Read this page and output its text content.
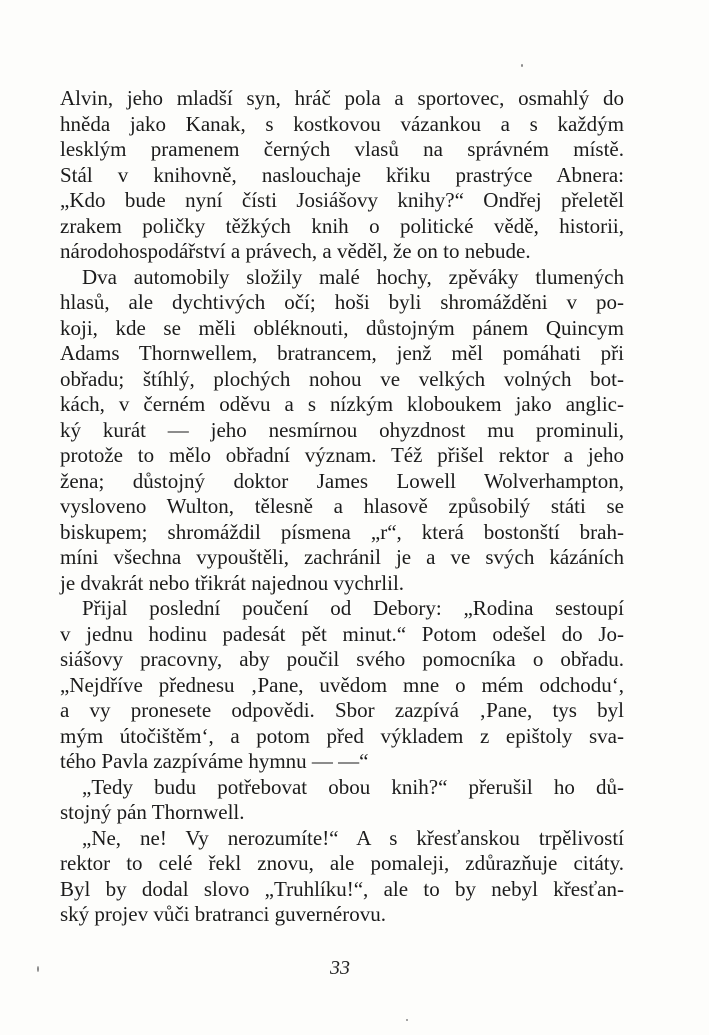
Alvin, jeho mladší syn, hráč pola a sportovec, osmahlý do
hněda jako Kanak, s kostkovou vázankou a s každým
lesklým pramenem černých vlasů na správném místě.
Stál v knihovně, naslouchaje křiku prastrýce Abnera:
„Kdo bude nyní čísti Josiášovy knihy?“ Ondřej přeletěl
zrakem poličky těžkých knih o politické vědě, historii,
národohospodářství a právech, a věděl, že on to nebude.
Dva automobily složily malé hochy, zpěváky tlumených
hlasů, ale dychtivých očí; hoši byli shromážděni v po-
koji, kde se měli obléknouti, důstojným pánem Quincym
Adams Thornwellem, bratrancem, jenž měl pomáhati při
obřadu; štíhlý, plochých nohou ve velkých volných bot-
kách, v černém oděvu a s nízkým kloboukem jako anglic-
ký kurát — jeho nesmírnou ohyzdnost mu prominuli,
protože to mělo obřadní význam. Též přišel rektor a jeho
žena; důstojný doktor James Lowell Wolverhampton,
vysloveno Wulton, tělesně a hlasově způsobilý státi se
biskupem; shromáždil písmena „r“, která bostonští brah-
míni všechna vypouštěli, zachránil je a ve svých kázáních
je dvakrát nebo třikrát najednou vychrlil.
Přijal poslední poučení od Debory: „Rodina sestoupí
v jednu hodinu padesát pět minut.“ Potom odešel do Jo-
siášovy pracovny, aby poučil svého pomocníka o obřadu.
„Nejdříve přednesu ‚Pane, uvědom mne o mém odchodu‘,
a vy pronesete odpovědi. Sbor zazpívá ‚Pane, tys byl
mým útočištěm‘, a potom před výkladem z epištoly sva-
tého Pavla zazpíváme hymnu — —“
„Tedy budu potřebovat obou knih?“ přerušil ho dů-
stojný pán Thornwell.
„Ne, ne! Vy nerozumíte!“ A s křesťanskou trpělivostí
rektor to celé řekl znovu, ale pomaleji, zdůrazňuje citáty.
Byl by dodal slovo „Truhlíku!“, ale to by nebyl křesťan-
ský projev vůči bratranci guvernérovu.
33
